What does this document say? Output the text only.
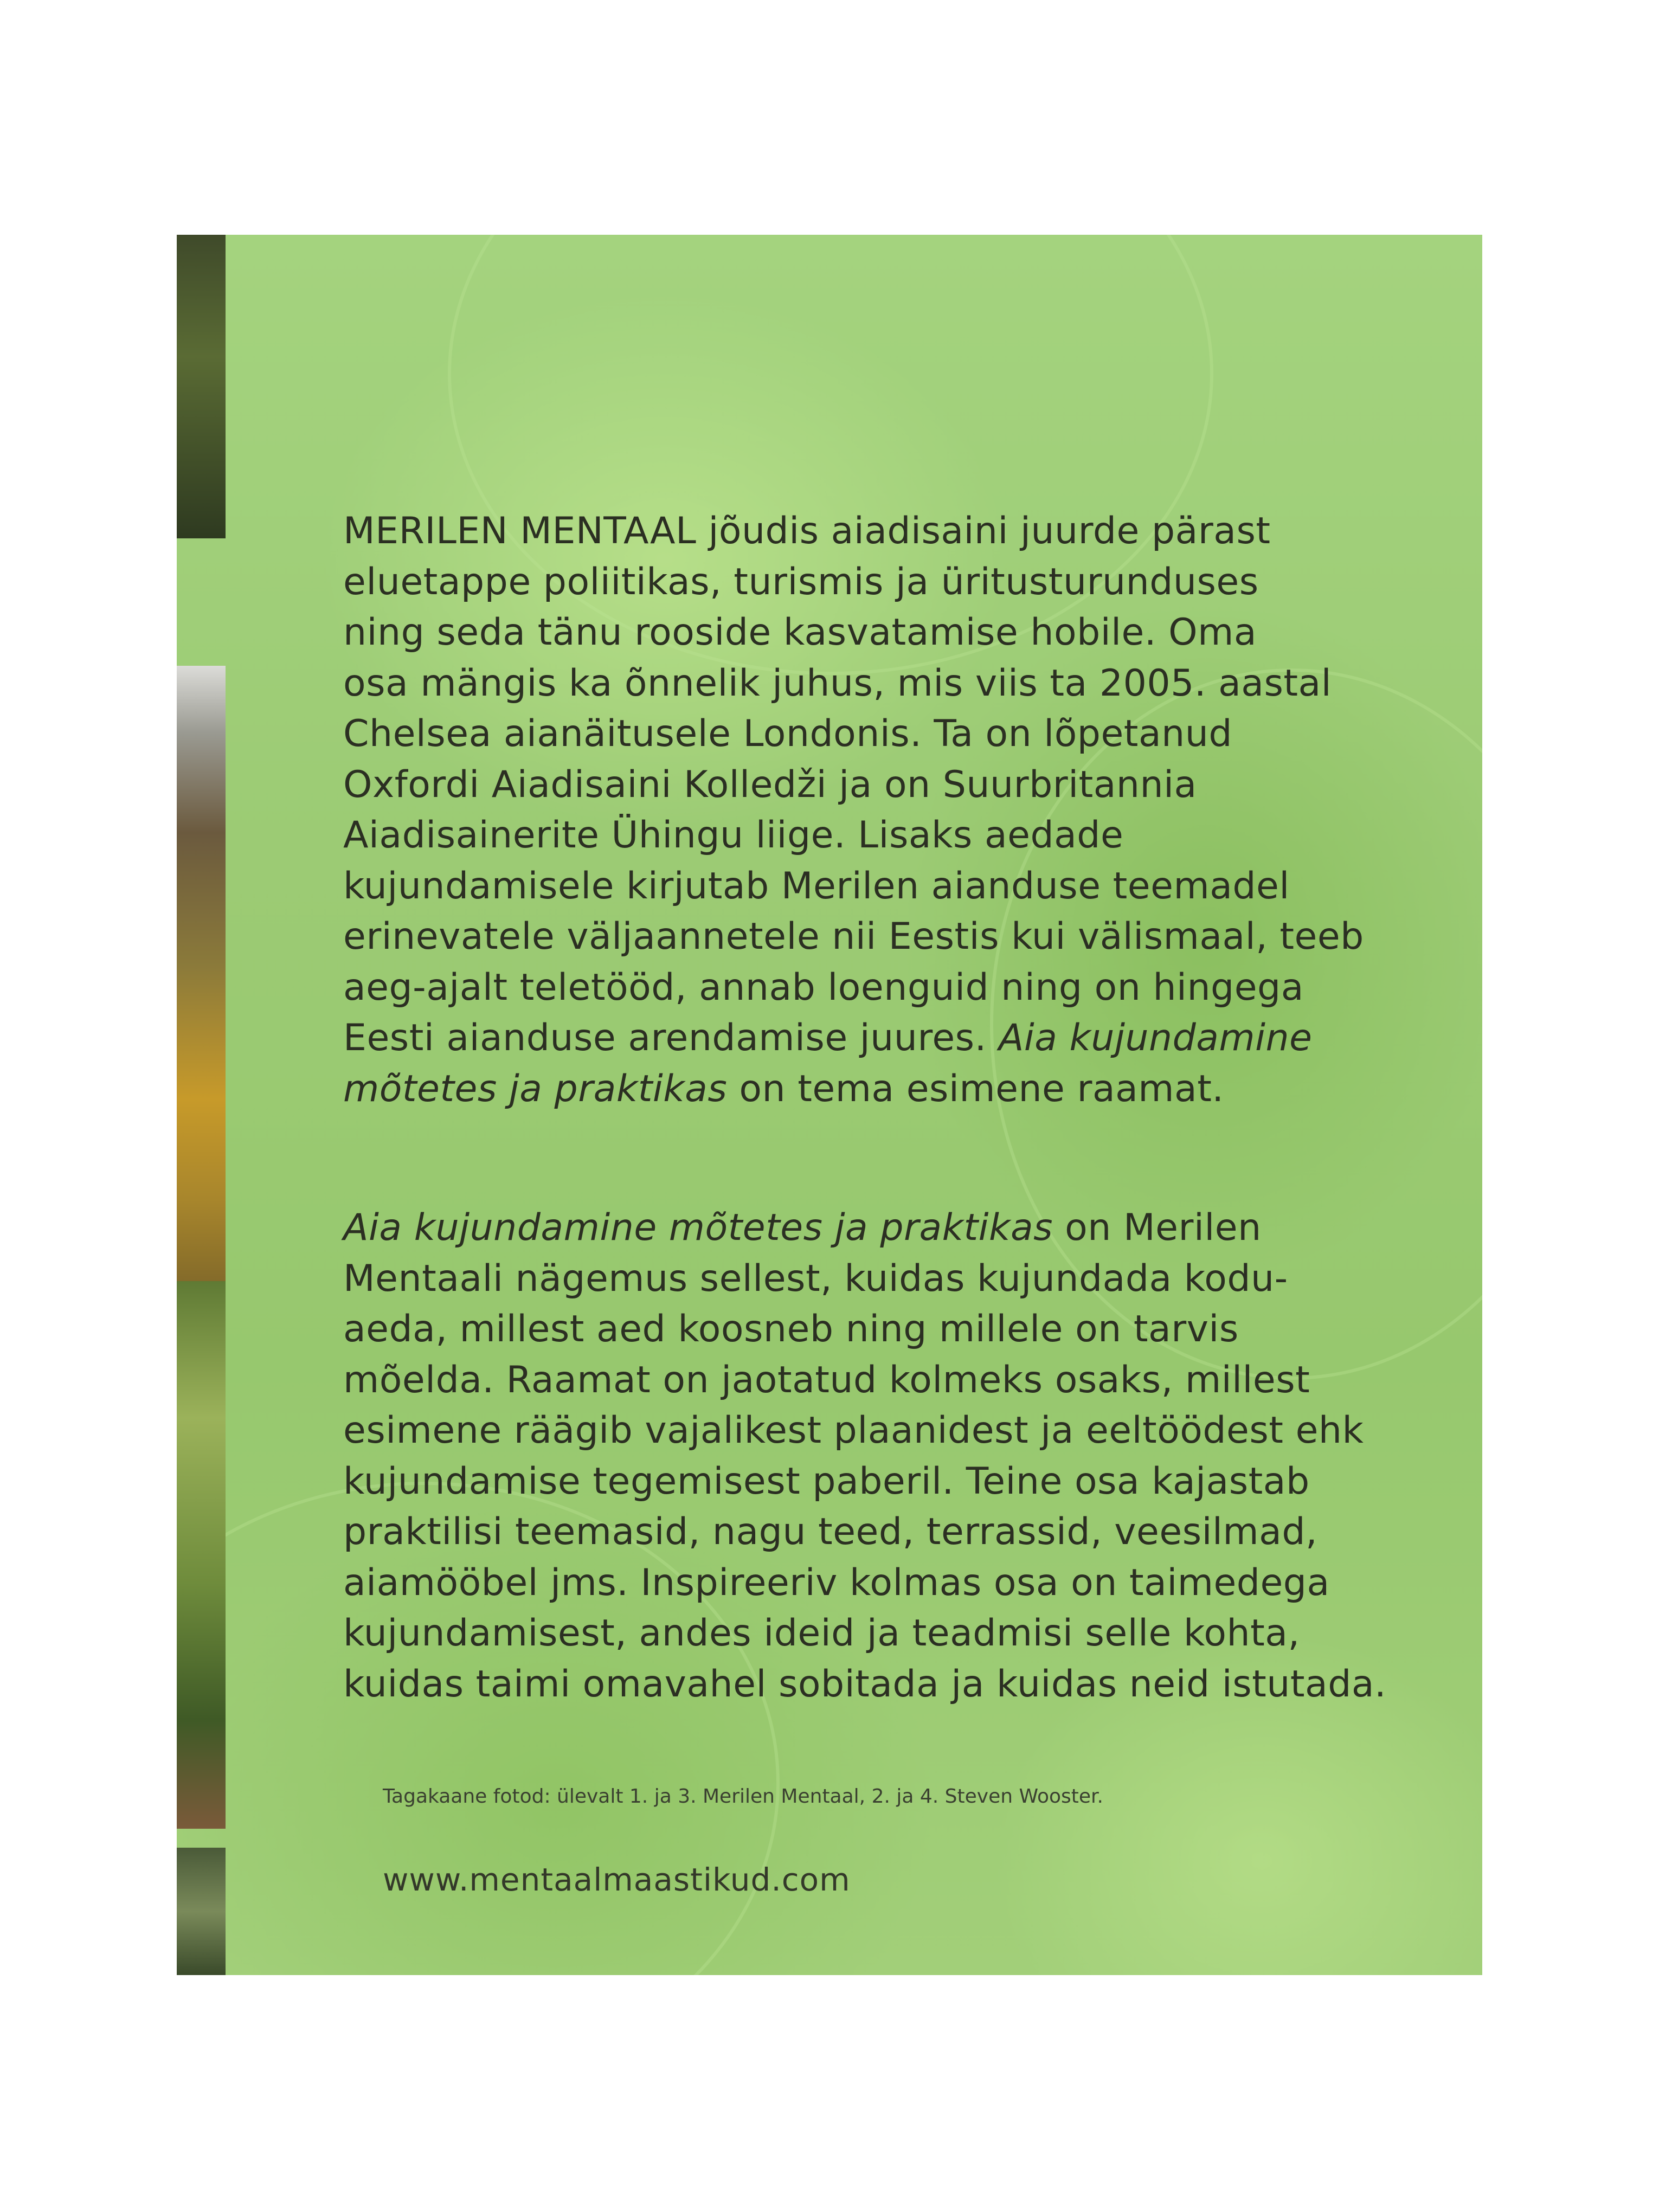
MERILEN MENTAAL jõudis aiadisaini juurde pärast
eluetappe poliitikas, turismis ja üritusturunduses
ning seda tänu rooside kasvatamise hobile. Oma
osa mängis ka õnnelik juhus, mis viis ta 2005. aastal
Chelsea aianäitusele Londonis. Ta on lõpetanud
Oxfordi Aiadisaini Kolledži ja on Suurbritannia
Aiadisainerite Ühingu liige. Lisaks aedade
kujundamisele kirjutab Merilen aianduse teemadel
erinevatele väljaannetele nii Eestis kui välismaal, teeb
aeg-ajalt teletööd, annab loenguid ning on hingega
Eesti aianduse arendamise juures. Aia kujundamine
mõtetes ja praktikas on tema esimene raamat.
Aia kujundamine mõtetes ja praktikas on Merilen
Mentaali nägemus sellest, kuidas kujundada kodu-
aeda, millest aed koosneb ning millele on tarvis
mõelda. Raamat on jaotatud kolmeks osaks, millest
esimene räägib vajalikest plaanidest ja eeltöödest ehk
kujundamise tegemisest paberil. Teine osa kajastab
praktilisi teemasid, nagu teed, terrassid, veesilmad,
aiamööbel jms. Inspireeriv kolmas osa on taimedega
kujundamisest, andes ideid ja teadmisi selle kohta,
kuidas taimi omavahel sobitada ja kuidas neid istutada.
Tagakaane fotod: ülevalt 1. ja 3. Merilen Mentaal, 2. ja 4. Steven Wooster.
www.mentaalmaastikud.com
